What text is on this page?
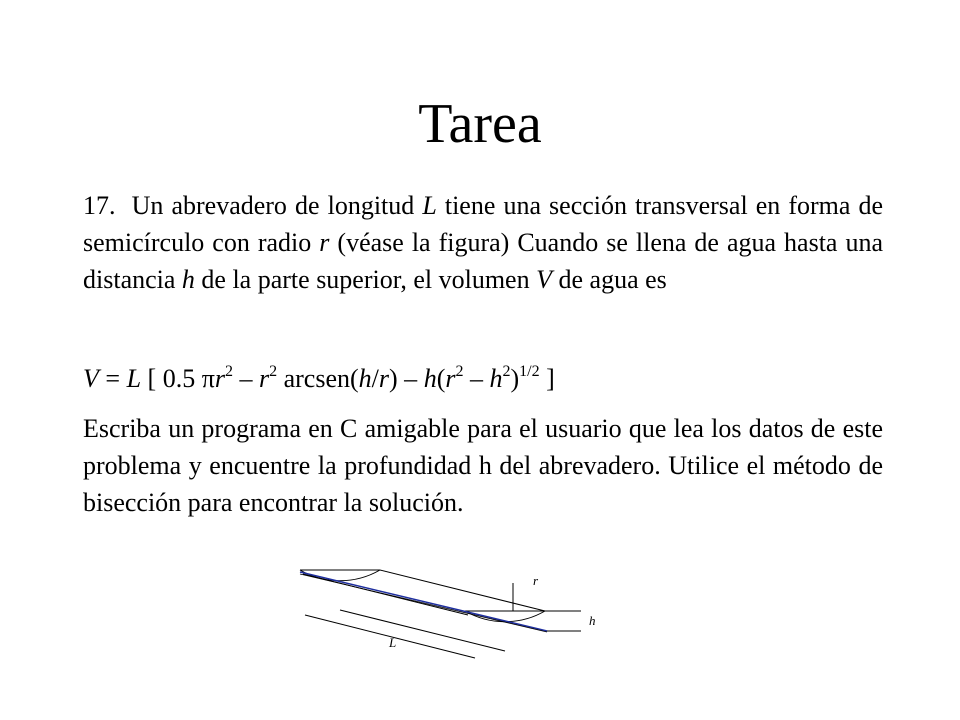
Tarea
17. Un abrevadero de longitud L tiene una sección transversal en forma de semicírculo con radio r (véase la figura) Cuando se llena de agua hasta una distancia h de la parte superior, el volumen V de agua es
V = L [ 0.5 $\pi r^2 - r^2$ arcsen(h/r) – $h(r^2 - h^2)^{1/2}$ ]
Escriba un programa en C amigable para el usuario que lea los datos de este problema y encuentre la profundidad h del abrevadero. Utilice el método de bisección para encontrar la solución.
r
h
L
